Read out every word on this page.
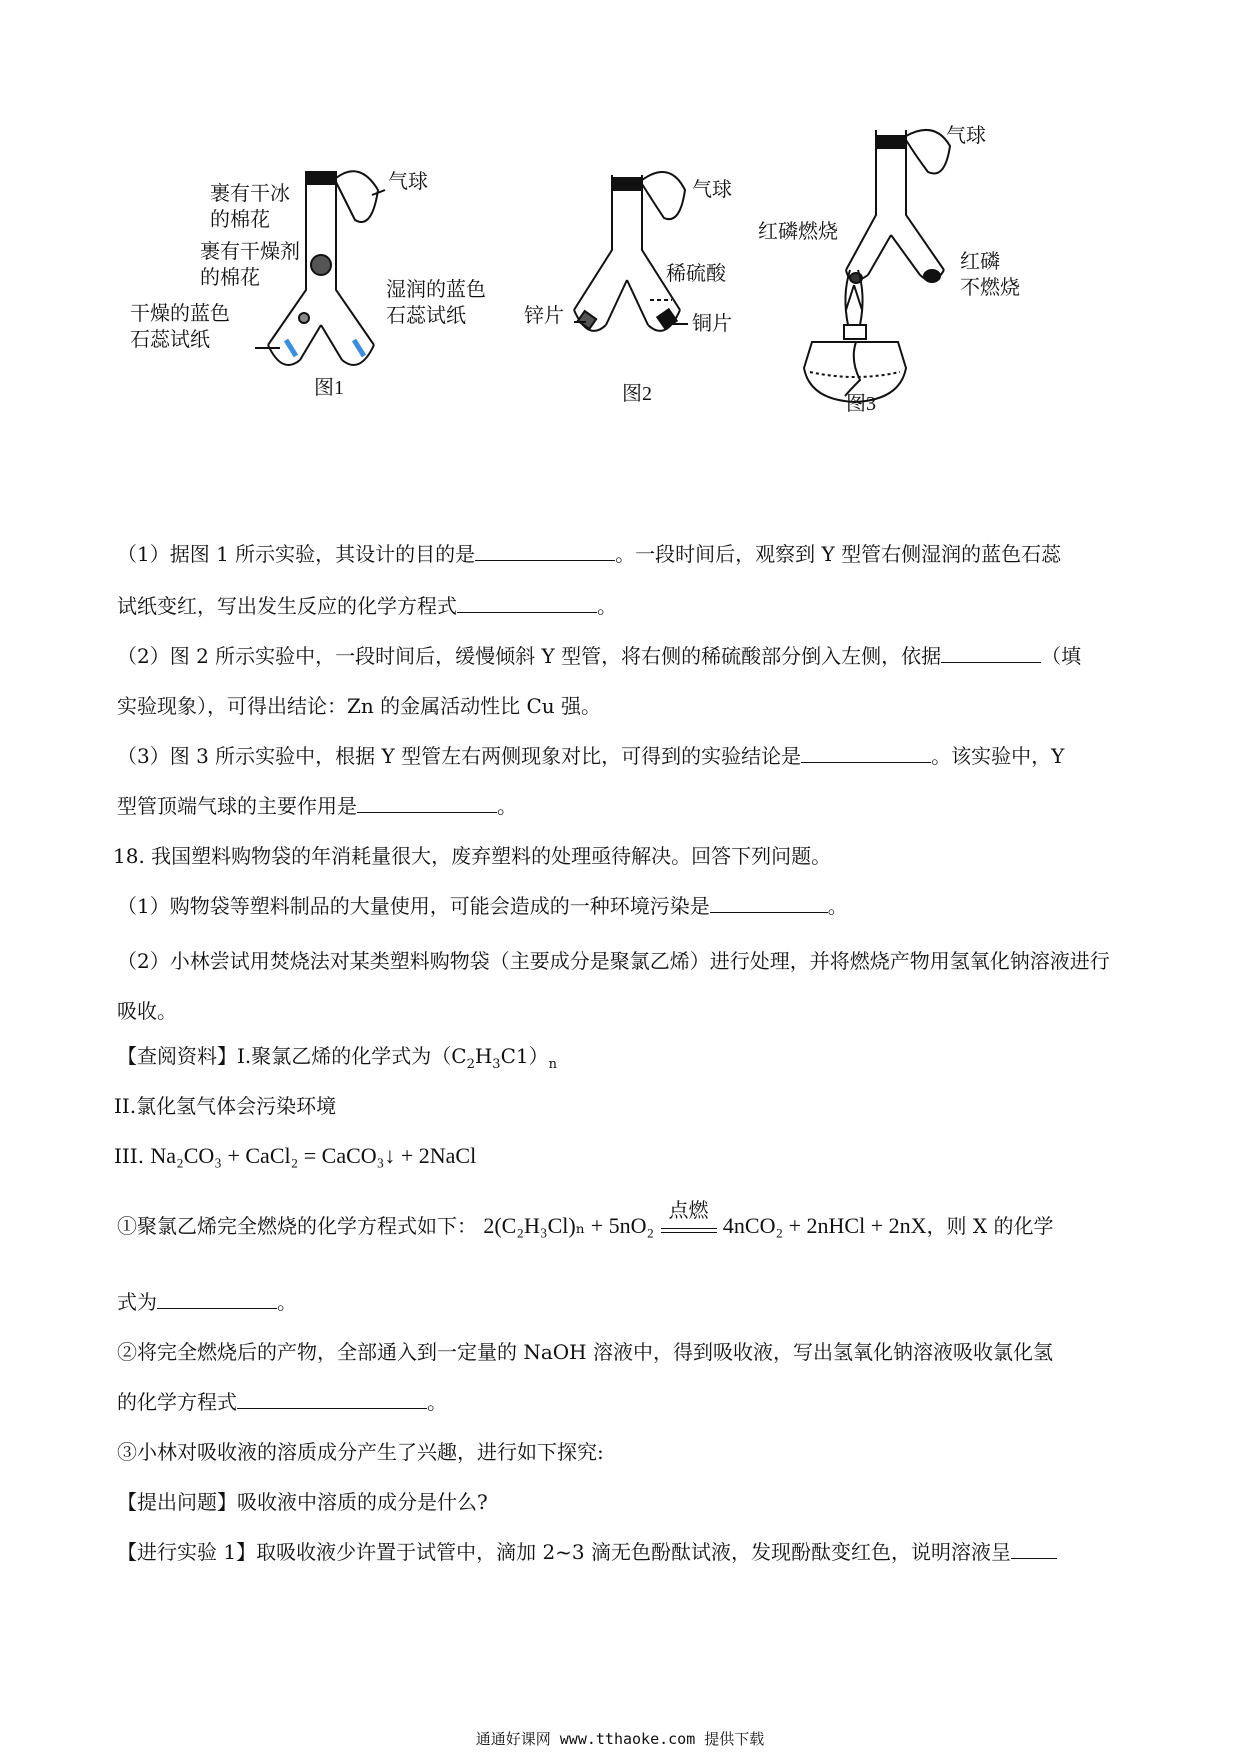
裹有干冰
的棉花
裹有干燥剂
的棉花
干燥的蓝色
石蕊试纸
气球
湿润的蓝色
石蕊试纸
图1
气球
稀硫酸
锌片	铜片
图2
气球
红磷燃烧
红磷
不燃烧
图3
（1）据图 1 所示实验，其设计的目的是	。一段时间后，观察到 Y 型管右侧湿润的蓝色石蕊
试纸变红，写出发生反应的化学方程式	。
（2）图 2 所示实验中，一段时间后，缓慢倾斜 Y 型管，将右侧的稀硫酸部分倒入左侧，依据	（填
实验现象），可得出结论：Zn 的金属活动性比 Cu 强。
（3）图 3 所示实验中，根据 Y 型管左右两侧现象对比，可得到的实验结论是	。该实验中，Y
型管顶端气球的主要作用是	。
18. 我国塑料购物袋的年消耗量很大，废弃塑料的处理亟待解决。回答下列问题。
（1）购物袋等塑料制品的大量使用，可能会造成的一种环境污染是	。
（2）小林尝试用焚烧法对某类塑料购物袋（主要成分是聚氯乙烯）进行处理，并将燃烧产物用氢氧化钠溶液进行吸收。
【查阅资料】I.聚氯乙烯的化学式为$(C_2H_3C1)_n$
II.氯化氢气体会污染环境
III. Na₂CO₃ + CaCl₂ = CaCO₃↓ + 2NaCl
①聚氯乙烯完全燃烧的化学方程式如下： 2(C₂H₃Cl)ₙ + 5nO₂
点燃
4nCO₂ + 2nHCl + 2nX，则 X 的化学
式为	。
②将完全燃烧后的产物，全部通入到一定量的 NaOH 溶液中，得到吸收液，写出氢氧化钠溶液吸收氯化氢
的化学方程式	。
③小林对吸收液的溶质成分产生了兴趣，进行如下探究:
【提出问题】吸收液中溶质的成分是什么?
【进行实验 1】取吸收液少许置于试管中，滴加 2~3 滴无色酚酞试液，发现酚酞变红色，说明溶液呈
通通好课网 www.tthaoke.com 提供下载
